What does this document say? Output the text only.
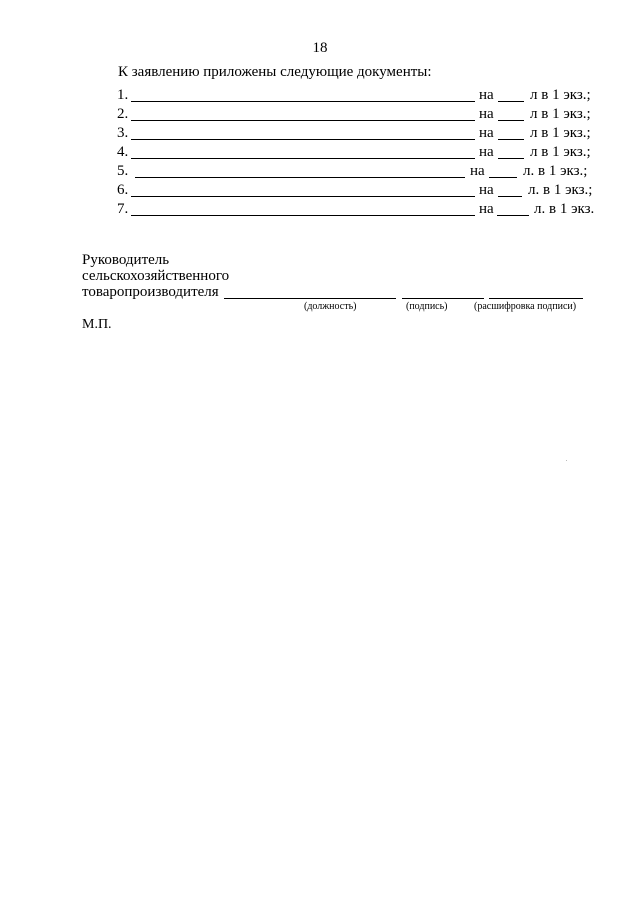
18
К заявлению приложены следующие документы:
1.	на л в 1 экз.;
2.	на л в 1 экз.;
3.	на л в 1 экз.;
4.	на л в 1 экз.;
5.	на	л. в 1 экз.;
6.	на л. в 1 экз.;
7.	на	л. в 1 экз.
Руководитель
сельскохозяйственного
товаропроизводителя
(должность)	(подпись)	(расшифровка подписи)
М.П.
